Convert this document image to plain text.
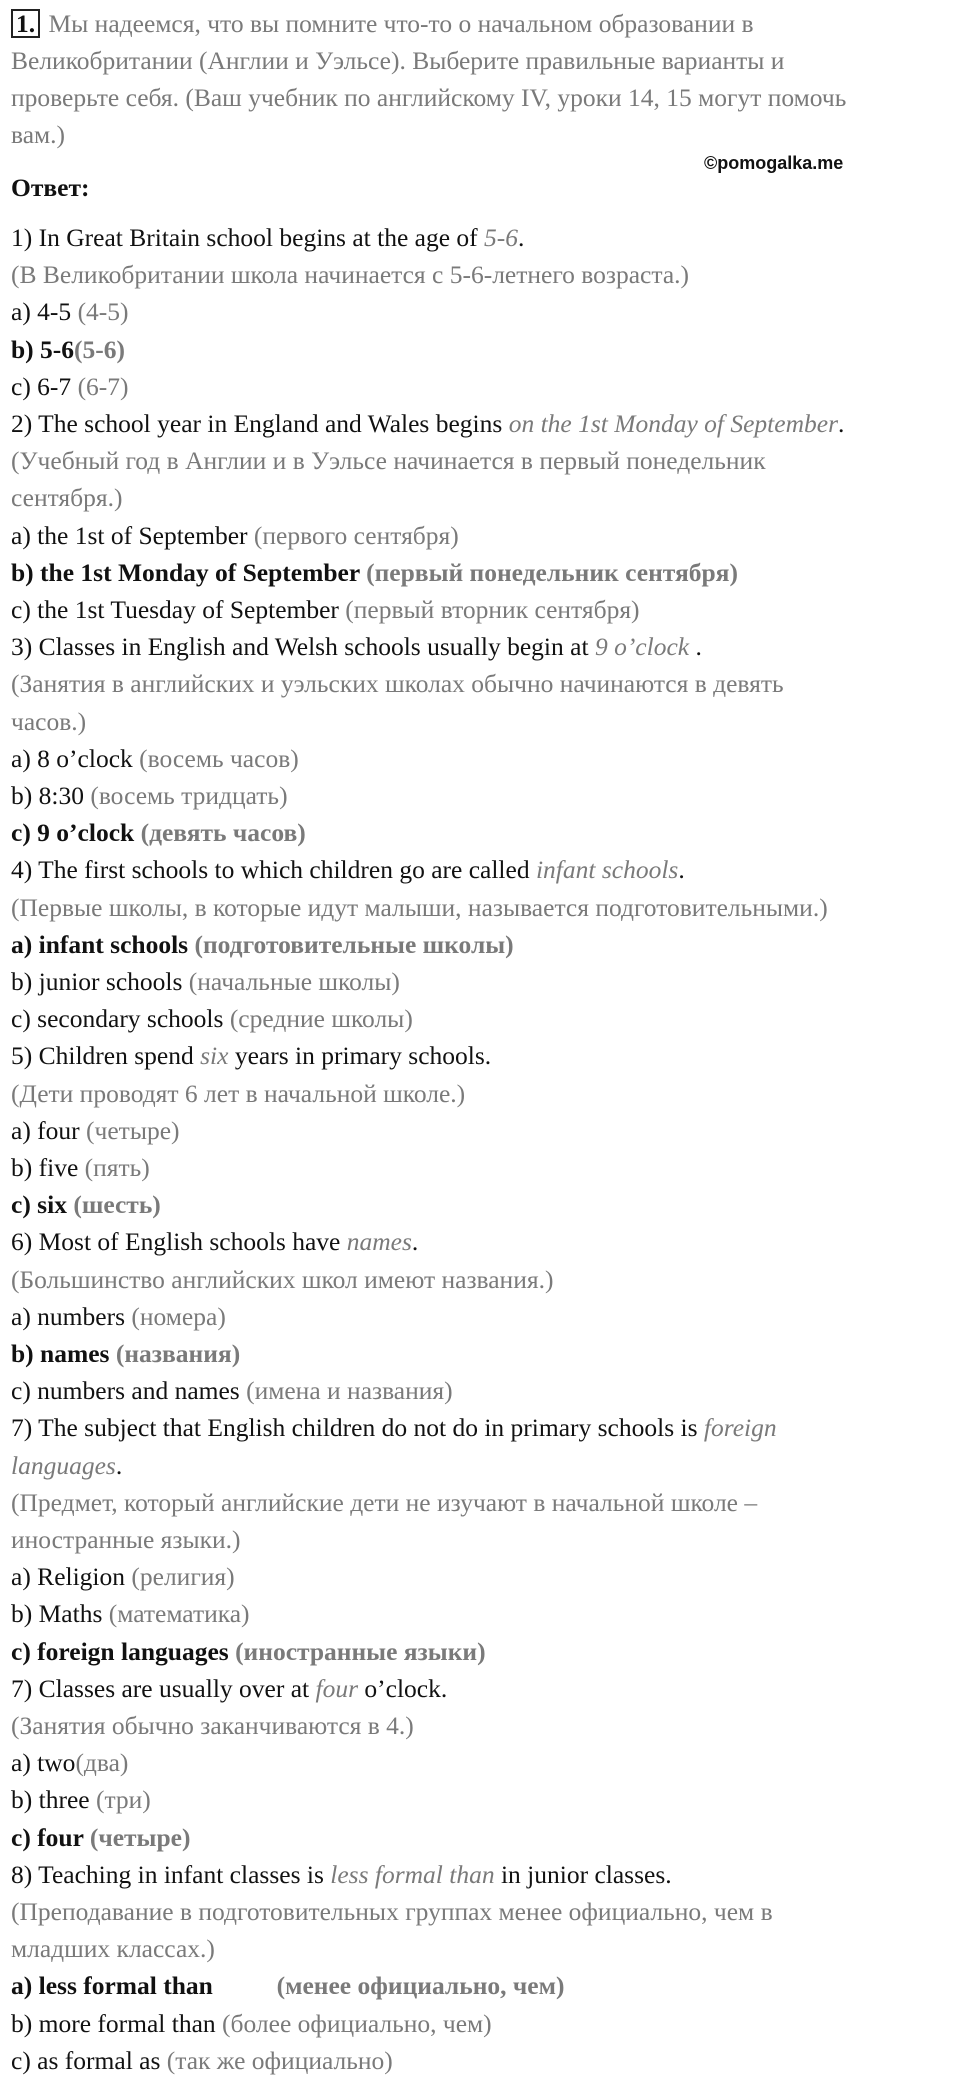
1. Мы надеемся, что вы помните что-то о начальном образовании в
Великобритании (Англии и Уэльсе). Выберите правильные варианты и
проверьте себя. (Ваш учебник по английскому IV, уроки 14, 15 могут помочь
вам.)
©pomogalka.me
Ответ:
1) In Great Britain school begins at the age of 5-6.
(В Великобритании школа начинается с 5-6-летнего возраста.)
a) 4-5 (4-5)
b) 5-6(5-6)
c) 6-7 (6-7)
2) The school year in England and Wales begins on the 1st Monday of September.
(Учебный год в Англии и в Уэльсе начинается в первый понедельник
сентября.)
a) the 1st of September (первого сентября)
b) the 1st Monday of September (первый понедельник сентября)
c) the 1st Tuesday of September (первый вторник сентября)
3) Classes in English and Welsh schools usually begin at 9 o’clock .
(Занятия в английских и уэльских школах обычно начинаются в девять
часов.)
a) 8 o’clock (восемь часов)
b) 8:30 (восемь тридцать)
c) 9 o’clock (девять часов)
4) The first schools to which children go are called infant schools.
(Первые школы, в которые идут малыши, называется подготовительными.)
a) infant schools (подготовительные школы)
b) junior schools (начальные школы)
c) secondary schools (средние школы)
5) Children spend six years in primary schools.
(Дети проводят 6 лет в начальной школе.)
a) four (четыре)
b) five (пять)
c) six (шесть)
6) Most of English schools have names.
(Большинство английских школ имеют названия.)
a) numbers (номера)
b) names (названия)
c) numbers and names (имена и названия)
7) The subject that English children do not do in primary schools is foreign
languages.
(Предмет, который английские дети не изучают в начальной школе –
иностранные языки.)
a) Religion (религия)
b) Maths (математика)
c) foreign languages (иностранные языки)
7) Classes are usually over at four o’clock.
(Занятия обычно заканчиваются в 4.)
a) two(два)
b) three (три)
c) four (четыре)
8) Teaching in infant classes is less formal than in junior classes.
(Преподавание в подготовительных группах менее официально, чем в
младших классах.)
a) less formal than          (менее официально, чем)
b) more formal than (более официально, чем)
c) as formal as (так же официально)
